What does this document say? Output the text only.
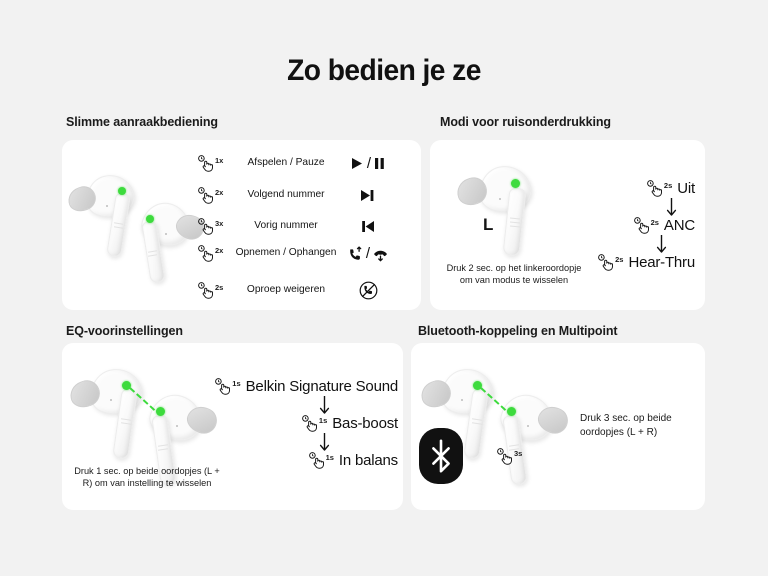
Zo bedien je ze
Slimme aanraakbediening
1x	Afspelen / Pauze	/
2x	Volgend nummer
3x	Vorig nummer
2x	Opnemen / Ophangen /
2s	Oproep weigeren
Modi voor ruisonderdrukking
L
Druk 2 sec. op het linkeroordopje om van modus te wisselen
2s Uit
2s ANC
2s Hear-Thru
EQ-voorinstellingen
Druk 1 sec. op beide oordopjes (L + R) om van instelling te wisselen
1s Belkin Signature Sound
1s Bas-boost
1s In balans
Bluetooth-koppeling en Multipoint
3s
Druk 3 sec. op beide oordopjes (L + R)
